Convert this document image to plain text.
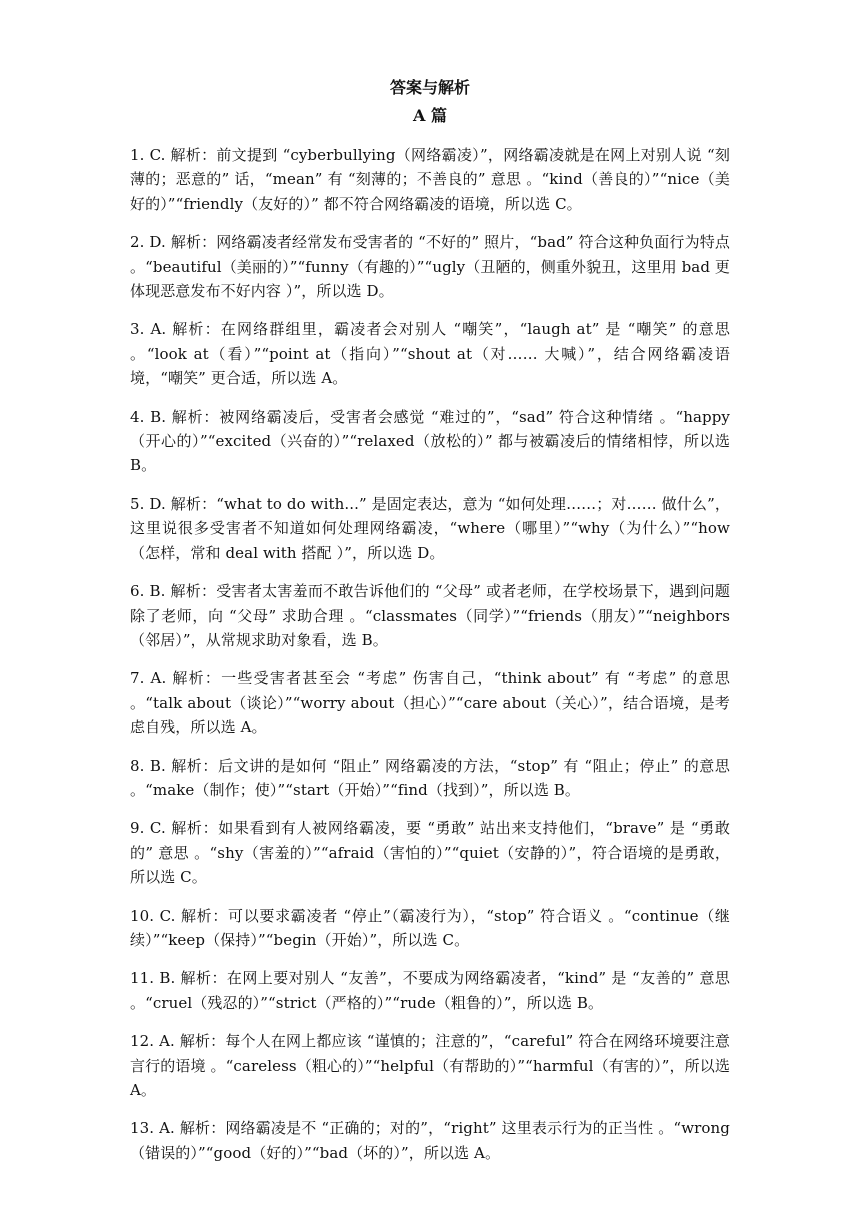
答案与解析
A 篇
1. C. 解析：前文提到 “cyberbullying（网络霸凌）”，网络霸凌就是在网上对别人说 “刻薄的；恶意的” 话，“mean” 有 “刻薄的；不善良的” 意思 。“kind（善良的）”“nice（美好的）”“friendly（友好的）” 都不符合网络霸凌的语境，所以选 C。
2. D. 解析：网络霸凌者经常发布受害者的 “不好的” 照片，“bad” 符合这种负面行为特点 。“beautiful（美丽的）”“funny（有趣的）”“ugly（丑陋的，侧重外貌丑，这里用 bad 更体现恶意发布不好内容 ）”，所以选 D。
3. A. 解析：在网络群组里，霸凌者会对别人 “嘲笑”，“laugh at” 是 “嘲笑” 的意思 。“look at（看）”“point at（指向）”“shout at（对…… 大喊）”，结合网络霸凌语境，“嘲笑” 更合适，所以选 A。
4. B. 解析：被网络霸凌后，受害者会感觉 “难过的”，“sad” 符合这种情绪 。“happy（开心的）”“excited（兴奋的）”“relaxed（放松的）” 都与被霸凌后的情绪相悖，所以选 B。
5. D. 解析：“what to do with...” 是固定表达，意为 “如何处理……；对…… 做什么”，这里说很多受害者不知道如何处理网络霸凌，“where（哪里）”“why（为什么）”“how（怎样，常和 deal with 搭配 ）”，所以选 D。
6. B. 解析：受害者太害羞而不敢告诉他们的 “父母” 或者老师，在学校场景下，遇到问题除了老师，向 “父母” 求助合理 。“classmates（同学）”“friends（朋友）”“neighbors（邻居）”，从常规求助对象看，选 B。
7. A. 解析：一些受害者甚至会 “考虑” 伤害自己，“think about” 有 “考虑” 的意思 。“talk about（谈论）”“worry about（担心）”“care about（关心）”，结合语境，是考虑自残，所以选 A。
8. B. 解析：后文讲的是如何 “阻止” 网络霸凌的方法，“stop” 有 “阻止；停止” 的意思 。“make（制作；使）”“start（开始）”“find（找到）”，所以选 B。
9. C. 解析：如果看到有人被网络霸凌，要 “勇敢” 站出来支持他们，“brave” 是 “勇敢的” 意思 。“shy（害羞的）”“afraid（害怕的）”“quiet（安静的）”，符合语境的是勇敢，所以选 C。
10. C. 解析：可以要求霸凌者 “停止”（霸凌行为），“stop” 符合语义 。“continue（继续）”“keep（保持）”“begin（开始）”，所以选 C。
11. B. 解析：在网上要对别人 “友善”，不要成为网络霸凌者，“kind” 是 “友善的” 意思 。“cruel（残忍的）”“strict（严格的）”“rude（粗鲁的）”，所以选 B。
12. A. 解析：每个人在网上都应该 “谨慎的；注意的”，“careful” 符合在网络环境要注意言行的语境 。“careless（粗心的）”“helpful（有帮助的）”“harmful（有害的）”，所以选 A。
13. A. 解析：网络霸凌是不 “正确的；对的”，“right” 这里表示行为的正当性 。“wrong（错误的）”“good（好的）”“bad（坏的）”，所以选 A。
